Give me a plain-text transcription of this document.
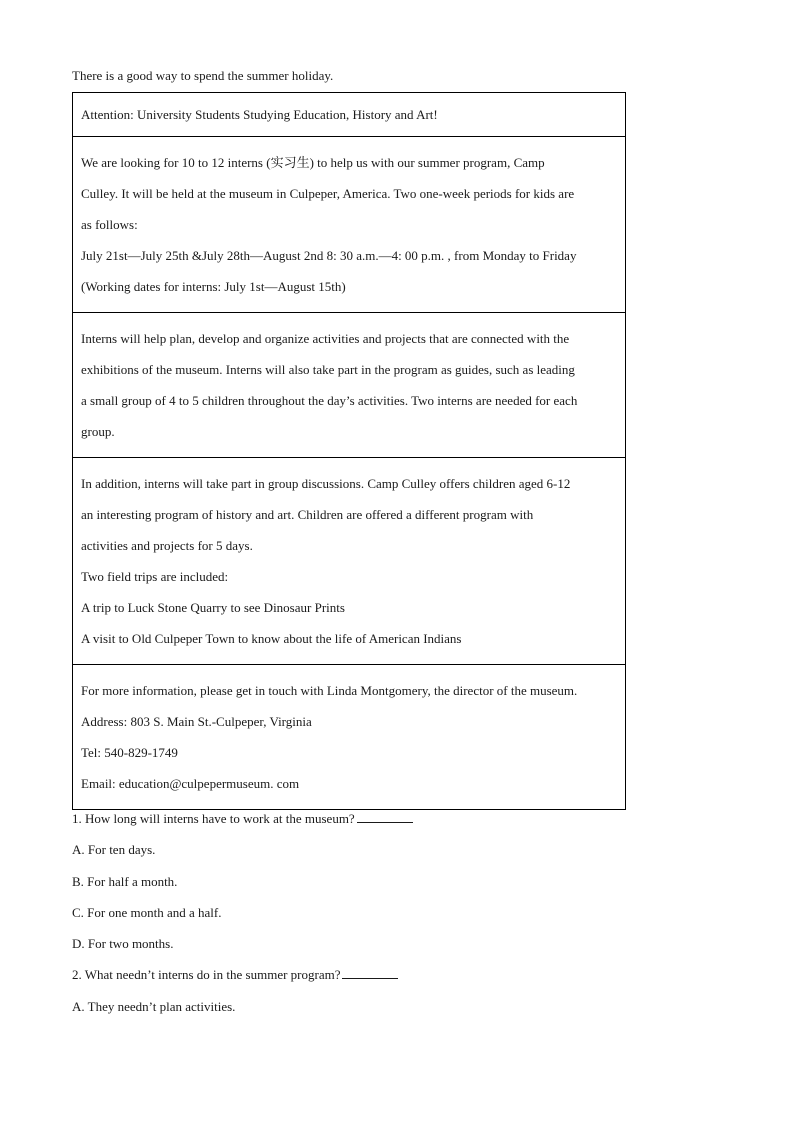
There is a good way to spend the summer holiday.
Attention: University Students Studying Education, History and Art!

We are looking for 10 to 12 interns (实习生) to help us with our summer program, Camp
Culley. It will be held at the museum in Culpeper, America. Two one-week periods for kids are
as follows:
July 21st—July 25th &July 28th—August 2nd 8: 30 a.m.—4: 00 p.m. , from Monday to Friday
(Working dates for interns: July 1st—August 15th)

Interns will help plan, develop and organize activities and projects that are connected with the
exhibitions of the museum. Interns will also take part in the program as guides, such as leading
a small group of 4 to 5 children throughout the day’s activities. Two interns are needed for each
group.

In addition, interns will take part in group discussions. Camp Culley offers children aged 6-12
an interesting program of history and art. Children are offered a different program with
activities and projects for 5 days.
Two field trips are included:
A trip to Luck Stone Quarry to see Dinosaur Prints
A visit to Old Culpeper Town to know about the life of American Indians

For more information, please get in touch with Linda Montgomery, the director of the museum.
Address: 803 S. Main St.-Culpeper, Virginia
Tel: 540-829-1749
Email: education@culpepermuseum. com
1. How long will interns have to work at the museum?
A. For ten days.
B. For half a month.
C. For one month and a half.
D. For two months.
2. What needn’t interns do in the summer program?
A. They needn’t plan activities.
